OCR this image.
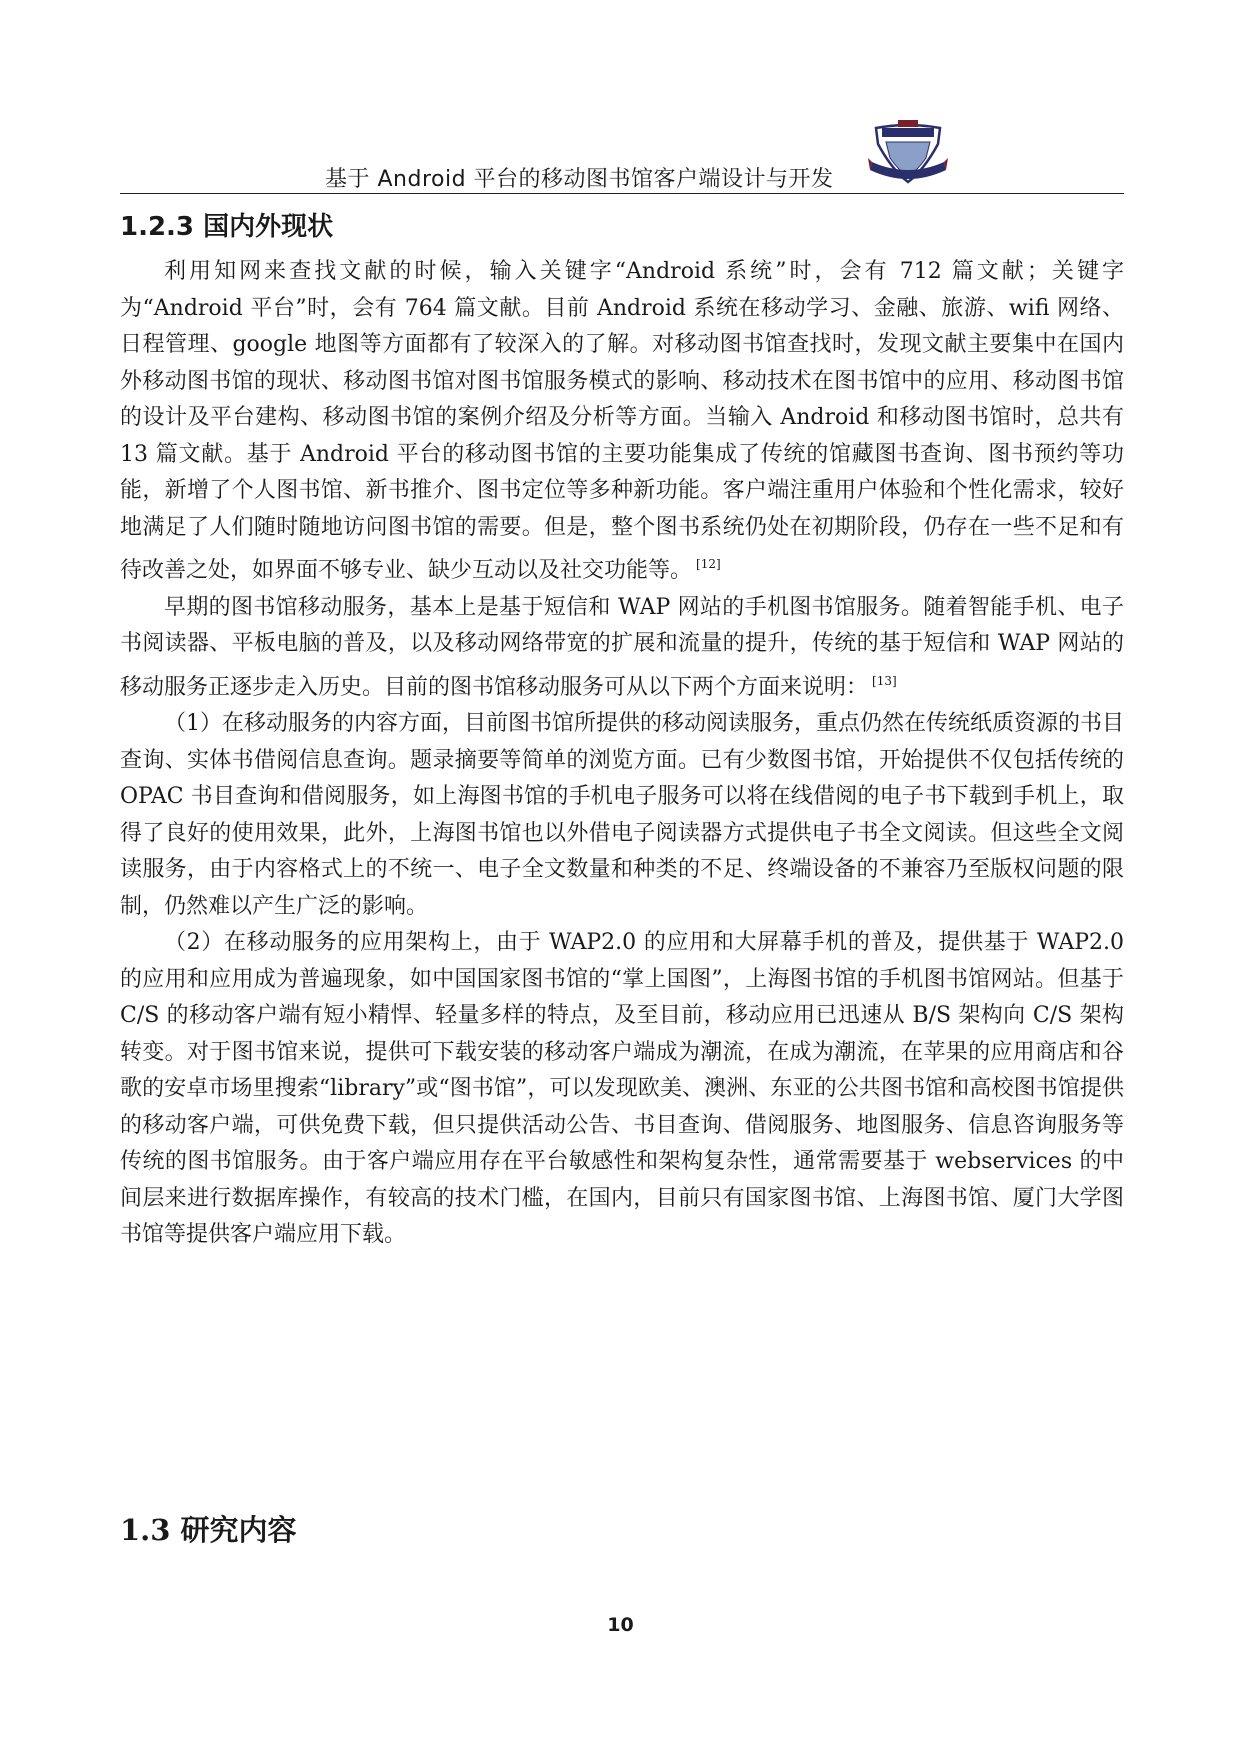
基于 Android 平台的移动图书馆客户端设计与开发
1.2.3 国内外现状

利用知网来查找文献的时候，输入关键字“Android 系统”时，会有 712 篇文献；关键字为“Android 平台”时，会有 764 篇文献。目前 Android 系统在移动学习、金融、旅游、wifi 网络、日程管理、google 地图等方面都有了较深入的了解。对移动图书馆查找时，发现文献主要集中在国内外移动图书馆的现状、移动图书馆对图书馆服务模式的影响、移动技术在图书馆中的应用、移动图书馆的设计及平台建构、移动图书馆的案例介绍及分析等方面。当输入 Android 和移动图书馆时，总共有 13 篇文献。基于 Android 平台的移动图书馆的主要功能集成了传统的馆藏图书查询、图书预约等功能，新增了个人图书馆、新书推介、图书定位等多种新功能。客户端注重用户体验和个性化需求，较好地满足了人们随时随地访问图书馆的需要。但是，整个图书系统仍处在初期阶段，仍存在一些不足和有待改善之处，如界面不够专业、缺少互动以及社交功能等。 [12]

早期的图书馆移动服务，基本上是基于短信和 WAP 网站的手机图书馆服务。随着智能手机、电子书阅读器、平板电脑的普及，以及移动网络带宽的扩展和流量的提升，传统的基于短信和 WAP 网站的移动服务正逐步走入历史。目前的图书馆移动服务可从以下两个方面来说明： [13]

（1）在移动服务的内容方面，目前图书馆所提供的移动阅读服务，重点仍然在传统纸质资源的书目查询、实体书借阅信息查询。题录摘要等简单的浏览方面。已有少数图书馆，开始提供不仅包括传统的 OPAC 书目查询和借阅服务，如上海图书馆的手机电子服务可以将在线借阅的电子书下载到手机上，取得了良好的使用效果，此外，上海图书馆也以外借电子阅读器方式提供电子书全文阅读。但这些全文阅读服务，由于内容格式上的不统一、电子全文数量和种类的不足、终端设备的不兼容乃至版权问题的限制，仍然难以产生广泛的影响。

（2）在移动服务的应用架构上，由于 WAP2.0 的应用和大屏幕手机的普及，提供基于 WAP2.0 的应用和应用成为普遍现象，如中国国家图书馆的“掌上国图”，上海图书馆的手机图书馆网站。但基于 C/S 的移动客户端有短小精悍、轻量多样的特点，及至目前，移动应用已迅速从 B/S 架构向 C/S 架构转变。对于图书馆来说，提供可下载安装的移动客户端成为潮流，在成为潮流，在苹果的应用商店和谷歌的安卓市场里搜索“library”或“图书馆”，可以发现欧美、澳洲、东亚的公共图书馆和高校图书馆提供的移动客户端，可供免费下载，但只提供活动公告、书目查询、借阅服务、地图服务、信息咨询服务等传统的图书馆服务。由于客户端应用存在平台敏感性和架构复杂性，通常需要基于 webservices 的中间层来进行数据库操作，有较高的技术门槛，在国内，目前只有国家图书馆、上海图书馆、厦门大学图书馆等提供客户端应用下载。

1.3 研究内容
10
